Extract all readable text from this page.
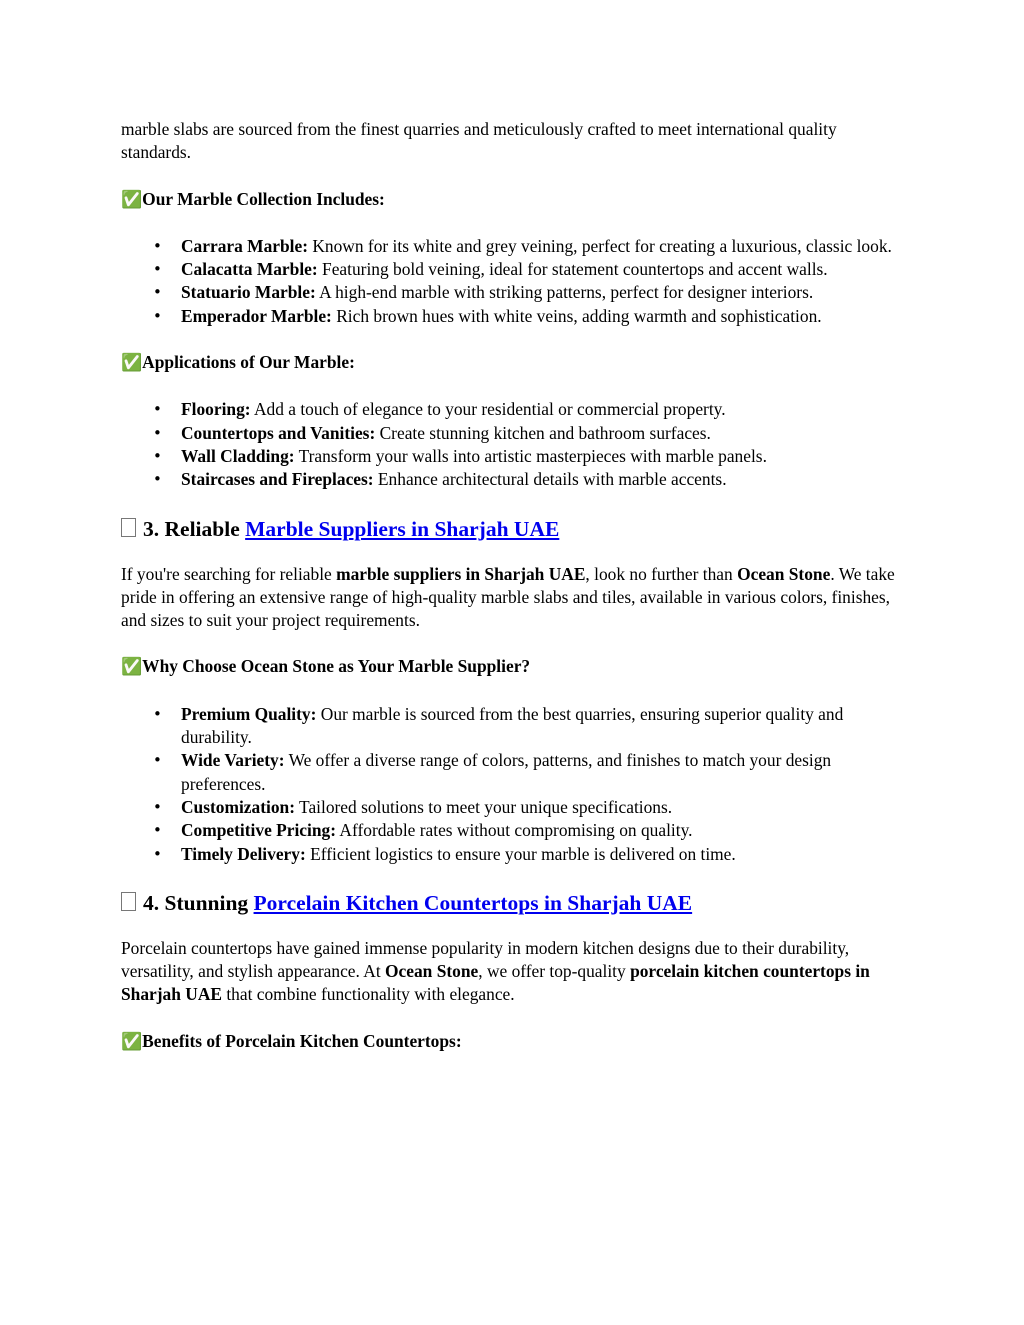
marble slabs are sourced from the finest quarries and meticulously crafted to meet international quality standards.

✅Our Marble Collection Includes:

• Carrara Marble: Known for its white and grey veining, perfect for creating a luxurious, classic look.
• Calacatta Marble: Featuring bold veining, ideal for statement countertops and accent walls.
• Statuario Marble: A high-end marble with striking patterns, perfect for designer interiors.
• Emperador Marble: Rich brown hues with white veins, adding warmth and sophistication.

✅Applications of Our Marble:

• Flooring: Add a touch of elegance to your residential or commercial property.
• Countertops and Vanities: Create stunning kitchen and bathroom surfaces.
• Wall Cladding: Transform your walls into artistic masterpieces with marble panels.
• Staircases and Fireplaces: Enhance architectural details with marble accents.
3. Reliable Marble Suppliers in Sharjah UAE

If you're searching for reliable marble suppliers in Sharjah UAE, look no further than Ocean Stone. We take pride in offering an extensive range of high-quality marble slabs and tiles, available in various colors, finishes, and sizes to suit your project requirements.

✅Why Choose Ocean Stone as Your Marble Supplier?

• Premium Quality: Our marble is sourced from the best quarries, ensuring superior quality and durability.
• Wide Variety: We offer a diverse range of colors, patterns, and finishes to match your design preferences.
• Customization: Tailored solutions to meet your unique specifications.
• Competitive Pricing: Affordable rates without compromising on quality.
• Timely Delivery: Efficient logistics to ensure your marble is delivered on time.
4. Stunning Porcelain Kitchen Countertops in Sharjah UAE

Porcelain countertops have gained immense popularity in modern kitchen designs due to their durability, versatility, and stylish appearance. At Ocean Stone, we offer top-quality porcelain kitchen countertops in Sharjah UAE that combine functionality with elegance.

✅Benefits of Porcelain Kitchen Countertops:
